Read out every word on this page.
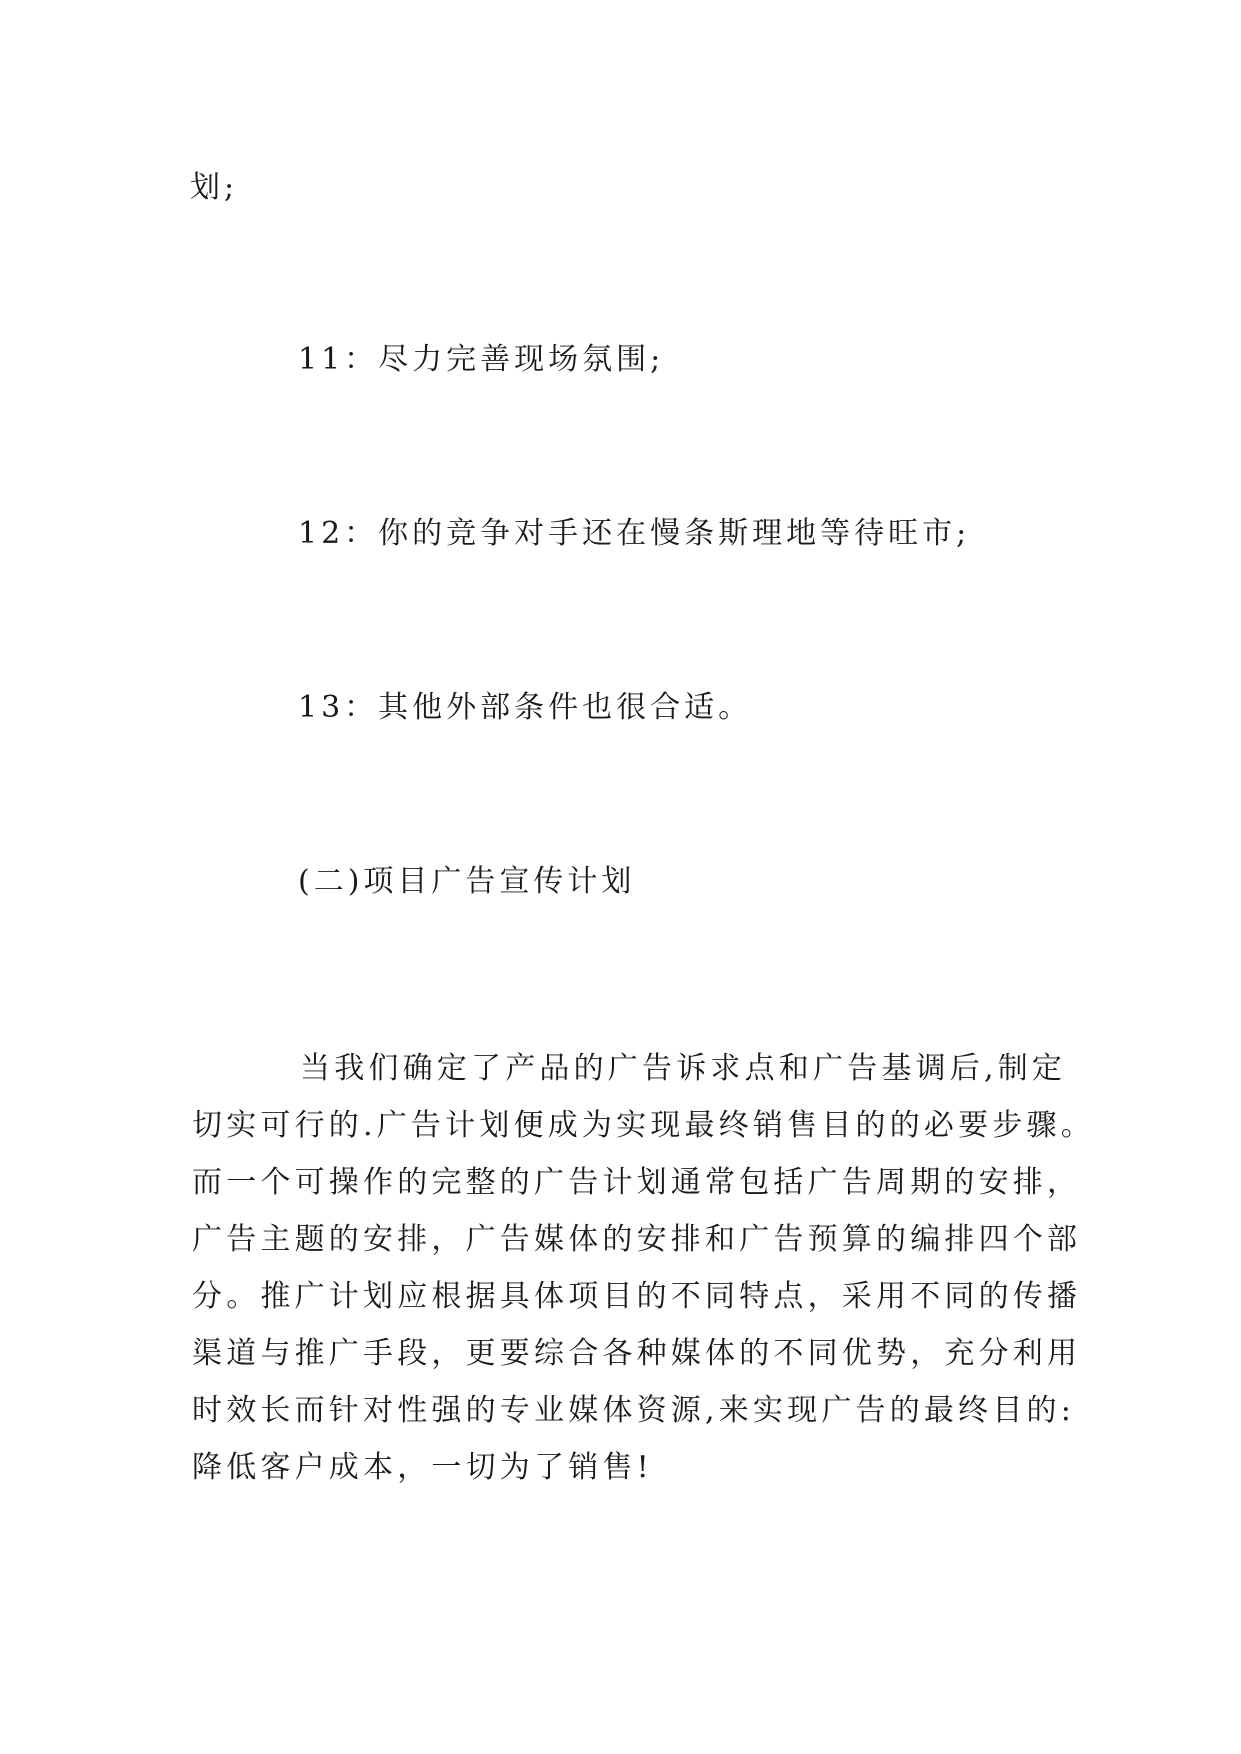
划;
11：尽力完善现场氛围;
12：你的竞争对手还在慢条斯理地等待旺市;
13：其他外部条件也很合适。
(二)项目广告宣传计划
当我们确定了产品的广告诉求点和广告基调后,制定
切实可行的.广告计划便成为实现最终销售目的的必要步骤。
而一个可操作的完整的广告计划通常包括广告周期的安排，
广告主题的安排，广告媒体的安排和广告预算的编排四个部
分。推广计划应根据具体项目的不同特点，采用不同的传播
渠道与推广手段，更要综合各种媒体的不同优势，充分利用
时效长而针对性强的专业媒体资源,来实现广告的最终目的:
降低客户成本，一切为了销售!
